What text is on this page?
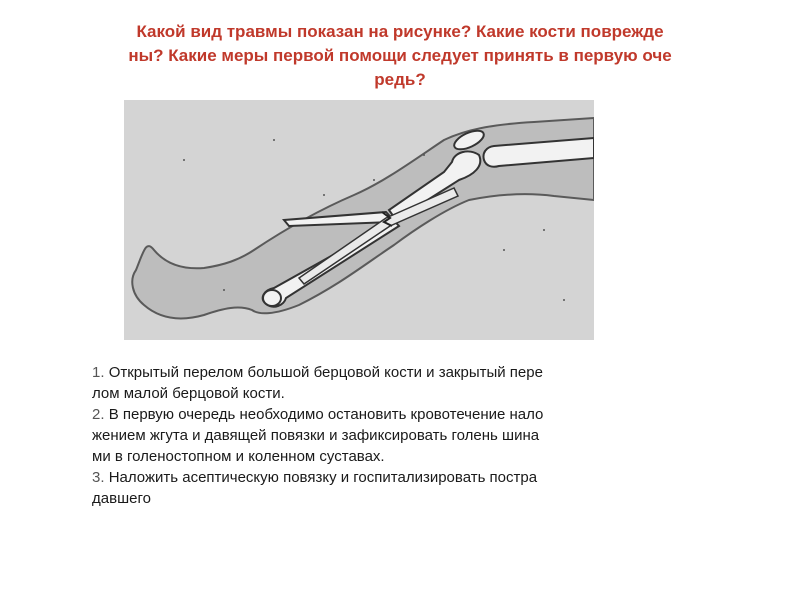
Какой вид травмы показан на рисунке? Какие кости поврежде
ны? Какие меры первой помощи следует принять в первую оче
редь?

1. Открытый перелом большой берцовой кости и закрытый пере
лом малой берцовой кости.

2. В первую очередь необходимо остановить кровотечение нало
жением жгута и давящей повязки и зафиксировать голень шина
ми в голеностопном и коленном суставах.

3. Наложить асептическую повязку и госпитализировать постра
давшего
